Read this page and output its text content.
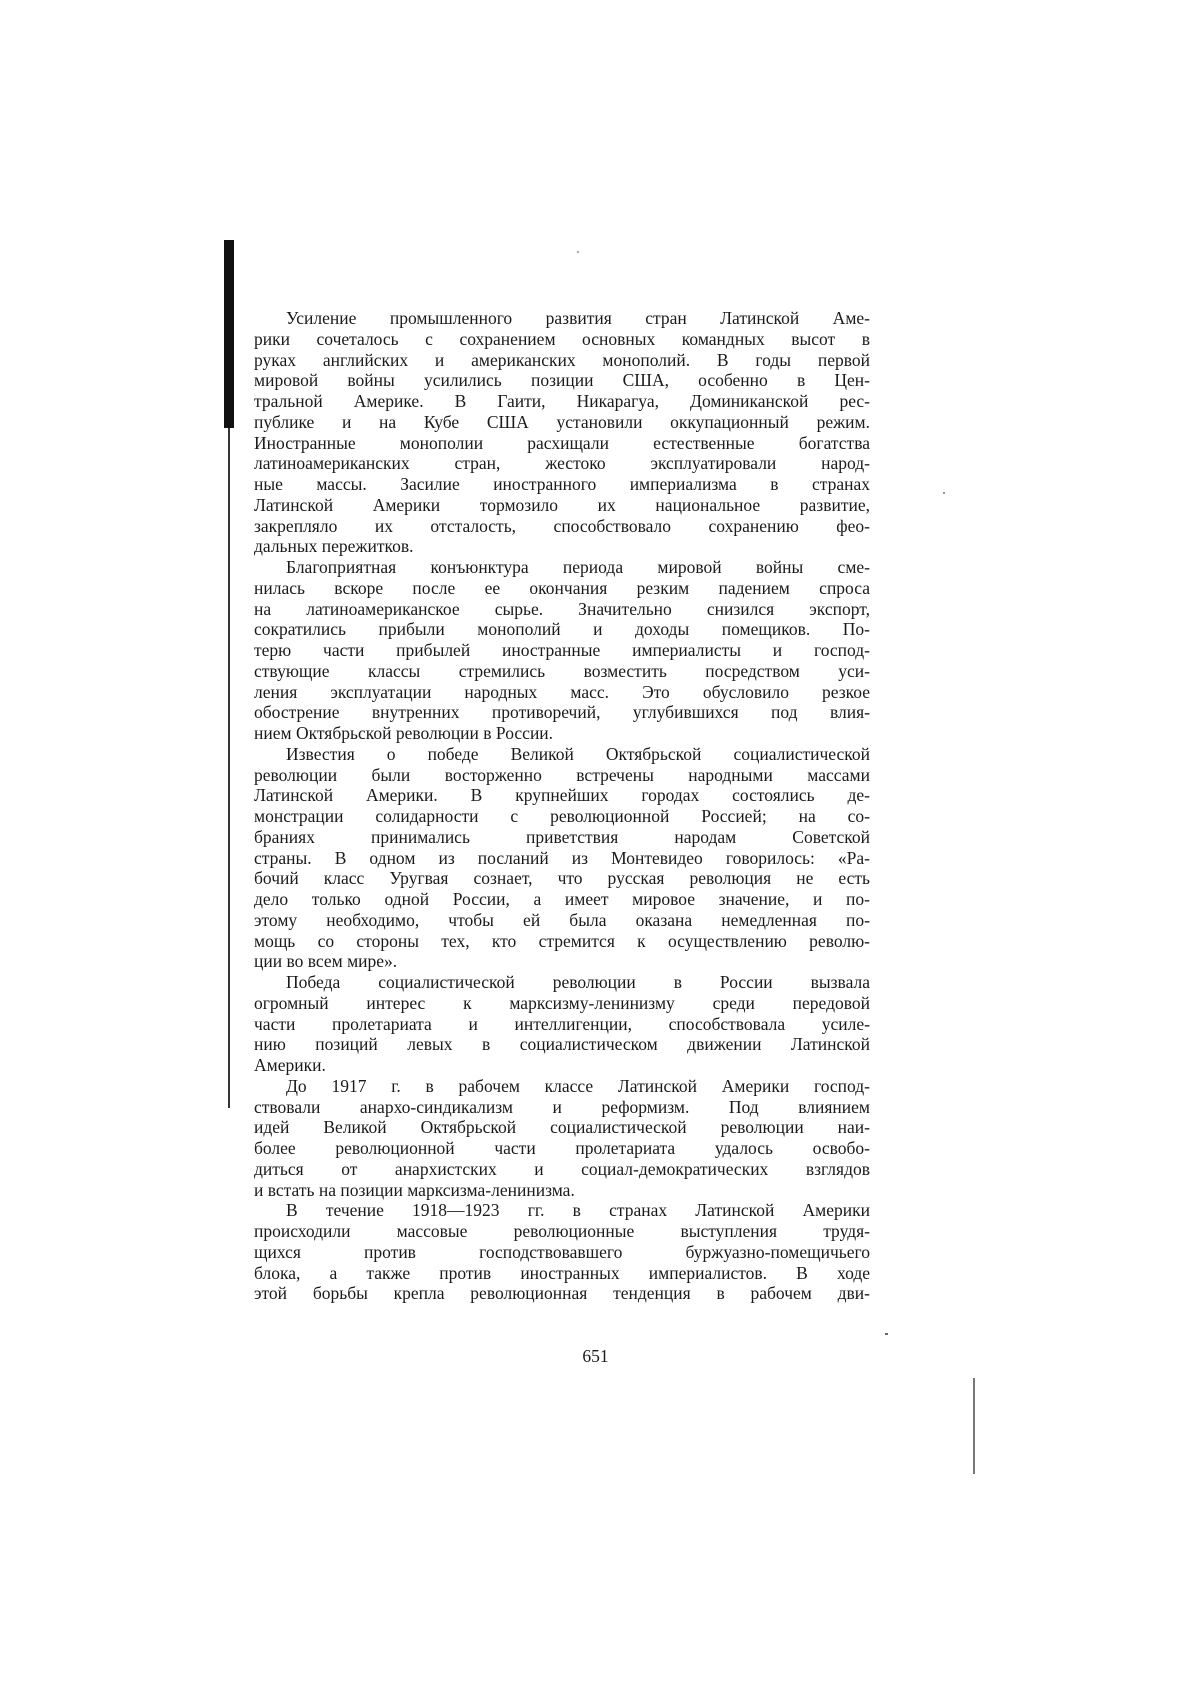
Усиление промышленного развития стран Латинской Аме-
рики сочеталось с сохранением основных командных высот в
руках английских и американских монополий. В годы первой
мировой войны усилились позиции США, особенно в Цен-
тральной Америке. В Гаити, Никарагуа, Доминиканской рес-
публике и на Кубе США установили оккупационный режим.
Иностранные монополии расхищали естественные богатства
латиноамериканских стран, жестоко эксплуатировали народ-
ные массы. Засилие иностранного империализма в странах
Латинской Америки тормозило их национальное развитие,
закрепляло их отсталость, способствовало сохранению фео-
дальных пережитков.
Благоприятная конъюнктура периода мировой войны сме-
нилась вскоре после ее окончания резким падением спроса
на латиноамериканское сырье. Значительно снизился экспорт,
сократились прибыли монополий и доходы помещиков. По-
терю части прибылей иностранные империалисты и господ-
ствующие классы стремились возместить посредством уси-
ления эксплуатации народных масс. Это обусловило резкое
обострение внутренних противоречий, углубившихся под влия-
нием Октябрьской революции в России.
Известия о победе Великой Октябрьской социалистической
революции были восторженно встречены народными массами
Латинской Америки. В крупнейших городах состоялись де-
монстрации солидарности с революционной Россией; на со-
браниях принимались приветствия народам Советской
страны. В одном из посланий из Монтевидео говорилось: «Ра-
бочий класс Уругвая сознает, что русская революция не есть
дело только одной России, а имеет мировое значение, и по-
этому необходимо, чтобы ей была оказана немедленная по-
мощь со стороны тех, кто стремится к осуществлению револю-
ции во всем мире».
Победа социалистической революции в России вызвала
огромный интерес к марксизму-ленинизму среди передовой
части пролетариата и интеллигенции, способствовала усиле-
нию позиций левых в социалистическом движении Латинской
Америки.
До 1917 г. в рабочем классе Латинской Америки господ-
ствовали анархо-синдикализм и реформизм. Под влиянием
идей Великой Октябрьской социалистической революции наи-
более революционной части пролетариата удалось освобо-
диться от анархистских и социал-демократических взглядов
и встать на позиции марксизма-ленинизма.
В течение 1918—1923 гг. в странах Латинской Америки
происходили массовые революционные выступления трудя-
щихся против господствовавшего буржуазно-помещичьего
блока, а также против иностранных империалистов. В ходе
этой борьбы крепла революционная тенденция в рабочем дви-
651
